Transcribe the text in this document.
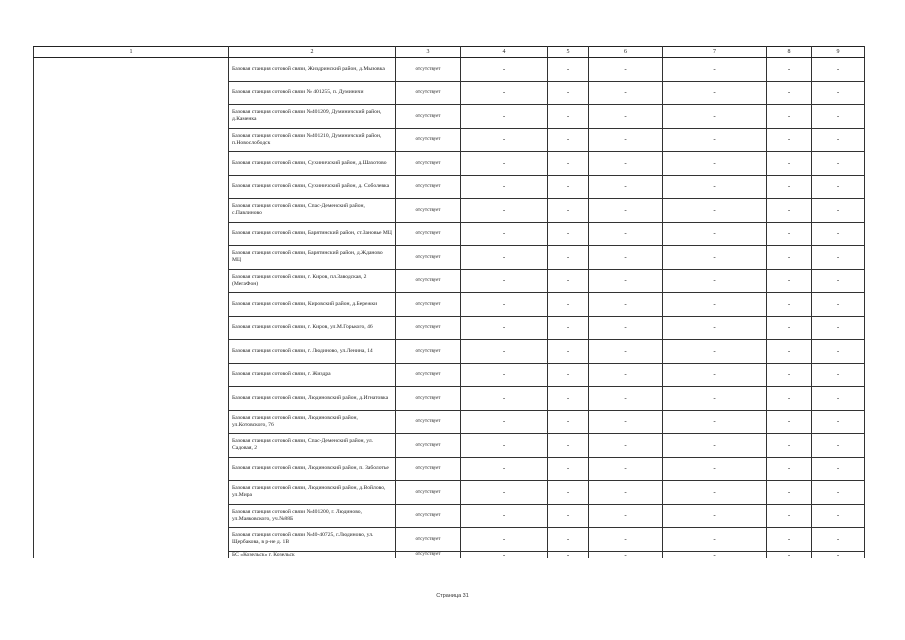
1	2	3	4	5	6	7	8	9
	Базовая станция сотовой связи, Жиздринский район, д.Мызовка	отсутствует	-	-	-	-	-	-
	Базовая станция сотовой связи № 401255, п. Думиничи	отсутствует	-	-	-	-	-	-
	Базовая станция сотовой связи №401209, Думиничский район, д.Каменка	отсутствует	-	-	-	-	-	-
	Базовая станция сотовой связи №401210, Думиничский район, п.Новослободск	отсутствует	-	-	-	-	-	-
	Базовая станция сотовой связи, Сухиничский район, д.Шахотово	отсутствует	-	-	-	-	-	-
	Базовая станция сотовой связи, Сухиничский район, д. Соболевка	отсутствует	-	-	-	-	-	-
	Базовая станция сотовой связи, Спас-Деменский район, с.Павлиново	отсутствует	-	-	-	-	-	-
	Базовая станция сотовой связи, Барятинский район, ст.Зановье МЦ	отсутствует	-	-	-	-	-	-
	Базовая станция сотовой связи, Барятинский район, д.Жданово МЦ	отсутствует	-	-	-	-	-	-
	Базовая станция сотовой связи, г. Киров, пл.Заводская, 2 (МегаФон)	отсутствует	-	-	-	-	-	-
	Базовая станция сотовой связи, Кировский район, д.Бережки	отсутствует	-	-	-	-	-	-
	Базовая станция сотовой связи, г. Киров, ул.М.Горького, 46	отсутствует	-	-	-	-	-	-
	Базовая станция сотовой связи, г. Людиново, ул.Ленина, 14	отсутствует	-	-	-	-	-	-
	Базовая станция сотовой связи, г. Жиздра	отсутствует	-	-	-	-	-	-
	Базовая станция сотовой связи, Людиновский район, д.Игнатовка	отсутствует	-	-	-	-	-	-
	Базовая станция сотовой связи, Людиновский район, ул.Котовского, 76	отсутствует	-	-	-	-	-	-
	Базовая станция сотовой связи, Спас-Деменский район, ул. Садовая, 2	отсутствует	-	-	-	-	-	-
	Базовая станция сотовой связи, Людиновский район, п. Заболотье	отсутствует	-	-	-	-	-	-
	Базовая станция сотовой связи, Людиновский район, д.Войлово, ул.Мира	отсутствует	-	-	-	-	-	-
	Базовая станция сотовой связи №401200, г. Людиново, ул.Маяковского, уч.№88Б	отсутствует	-	-	-	-	-	-
	Базовая станция сотовой связи №40-40725, г.Людиново, ул. Щербакова, в р-не д. 1В	отсутствует	-	-	-	-	-	-
	БС «Козельск» г. Козельск	отсутствует	-	-	-	-	-	-
Страница 31
